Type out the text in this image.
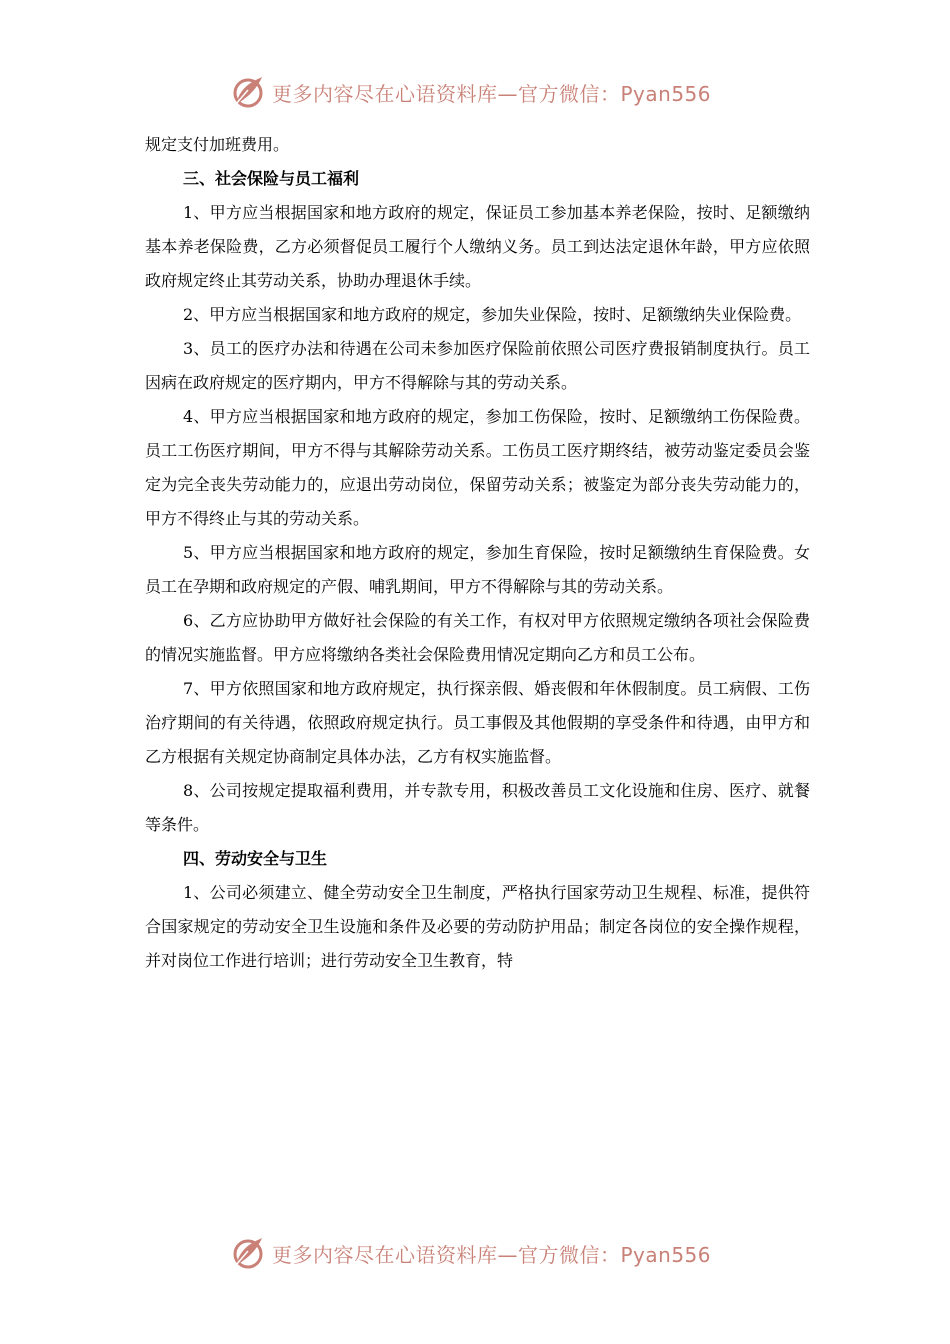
更多内容尽在心语资料库—官方微信：Pyan556

规定支付加班费用。

三、社会保险与员工福利

1、甲方应当根据国家和地方政府的规定，保证员工参加基本养老保险，按时、足额缴纳基本养老保险费，乙方必须督促员工履行个人缴纳义务。员工到达法定退休年龄，甲方应依照政府规定终止其劳动关系，协助办理退休手续。

2、甲方应当根据国家和地方政府的规定，参加失业保险，按时、足额缴纳失业保险费。

3、员工的医疗办法和待遇在公司未参加医疗保险前依照公司医疗费报销制度执行。员工因病在政府规定的医疗期内，甲方不得解除与其的劳动关系。

4、甲方应当根据国家和地方政府的规定，参加工伤保险，按时、足额缴纳工伤保险费。员工工伤医疗期间，甲方不得与其解除劳动关系。工伤员工医疗期终结，被劳动鉴定委员会鉴定为完全丧失劳动能力的，应退出劳动岗位，保留劳动关系；被鉴定为部分丧失劳动能力的，甲方不得终止与其的劳动关系。

5、甲方应当根据国家和地方政府的规定，参加生育保险，按时足额缴纳生育保险费。女员工在孕期和政府规定的产假、哺乳期间，甲方不得解除与其的劳动关系。

6、乙方应协助甲方做好社会保险的有关工作，有权对甲方依照规定缴纳各项社会保险费的情况实施监督。甲方应将缴纳各类社会保险费用情况定期向乙方和员工公布。

7、甲方依照国家和地方政府规定，执行探亲假、婚丧假和年休假制度。员工病假、工伤治疗期间的有关待遇，依照政府规定执行。员工事假及其他假期的享受条件和待遇，由甲方和乙方根据有关规定协商制定具体办法，乙方有权实施监督。

8、公司按规定提取福利费用，并专款专用，积极改善员工文化设施和住房、医疗、就餐等条件。

四、劳动安全与卫生

1、公司必须建立、健全劳动安全卫生制度，严格执行国家劳动卫生规程、标准，提供符合国家规定的劳动安全卫生设施和条件及必要的劳动防护用品；制定各岗位的安全操作规程，并对岗位工作进行培训；进行劳动安全卫生教育，特

更多内容尽在心语资料库—官方微信：Pyan556
